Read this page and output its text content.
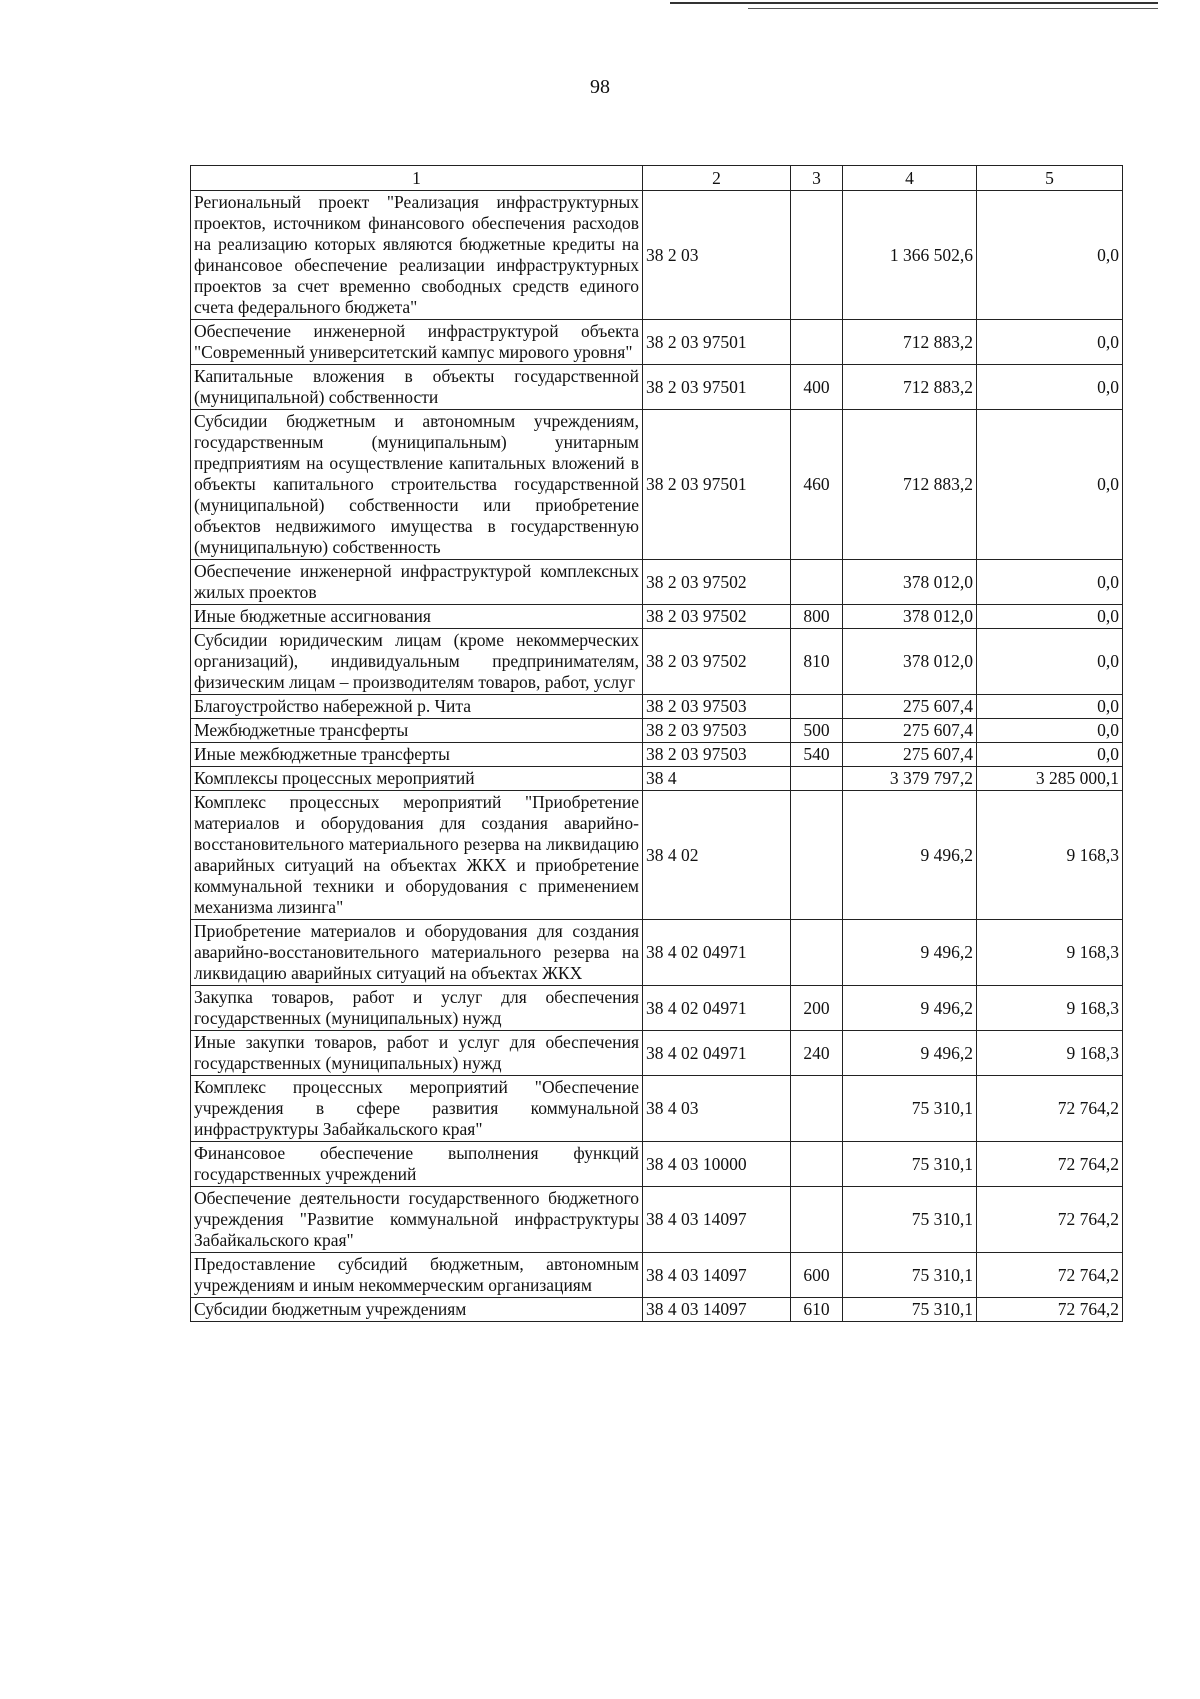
98
1	2	3	4	5
Региональный проект "Реализация инфраструктурных проектов, источником финансового обеспечения расходов на реализацию которых являются бюджетные кредиты на финансовое обеспечение реализации инфраструктурных проектов за счет временно свободных средств единого счета федерального бюджета"	38 2 03		1 366 502,6	0,0
Обеспечение инженерной инфраструктурой объекта "Современный университетский кампус мирового уровня"	38 2 03 97501		712 883,2	0,0
Капитальные вложения в объекты государственной (муниципальной) собственности	38 2 03 97501	400	712 883,2	0,0
Субсидии бюджетным и автономным учреждениям, государственным (муниципальным) унитарным предприятиям на осуществление капитальных вложений в объекты капитального строительства государственной (муниципальной) собственности или приобретение объектов недвижимого имущества в государственную (муниципальную) собственность	38 2 03 97501	460	712 883,2	0,0
Обеспечение инженерной инфраструктурой комплексных жилых проектов	38 2 03 97502		378 012,0	0,0
Иные бюджетные ассигнования	38 2 03 97502	800	378 012,0	0,0
Субсидии юридическим лицам (кроме некоммерческих организаций), индивидуальным предпринимателям, физическим лицам – производителям товаров, работ, услуг	38 2 03 97502	810	378 012,0	0,0
Благоустройство набережной р. Чита	38 2 03 97503		275 607,4	0,0
Межбюджетные трансферты	38 2 03 97503	500	275 607,4	0,0
Иные межбюджетные трансферты	38 2 03 97503	540	275 607,4	0,0
Комплексы процессных мероприятий	38 4		3 379 797,2	3 285 000,1
Комплекс процессных мероприятий "Приобретение материалов и оборудования для создания аварийно-восстановительного материального резерва на ликвидацию аварийных ситуаций на объектах ЖКХ и приобретение коммунальной техники и оборудования с применением механизма лизинга"	38 4 02		9 496,2	9 168,3
Приобретение материалов и оборудования для создания аварийно-восстановительного материального резерва на ликвидацию аварийных ситуаций на объектах ЖКХ	38 4 02 04971		9 496,2	9 168,3
Закупка товаров, работ и услуг для обеспечения государственных (муниципальных) нужд	38 4 02 04971	200	9 496,2	9 168,3
Иные закупки товаров, работ и услуг для обеспечения государственных (муниципальных) нужд	38 4 02 04971	240	9 496,2	9 168,3
Комплекс процессных мероприятий "Обеспечение учреждения в сфере развития коммунальной инфраструктуры Забайкальского края"	38 4 03		75 310,1	72 764,2
Финансовое обеспечение выполнения функций государственных учреждений	38 4 03 10000		75 310,1	72 764,2
Обеспечение деятельности государственного бюджетного учреждения "Развитие коммунальной инфраструктуры Забайкальского края"	38 4 03 14097		75 310,1	72 764,2
Предоставление субсидий бюджетным, автономным учреждениям и иным некоммерческим организациям	38 4 03 14097	600	75 310,1	72 764,2
Субсидии бюджетным учреждениям	38 4 03 14097	610	75 310,1	72 764,2
